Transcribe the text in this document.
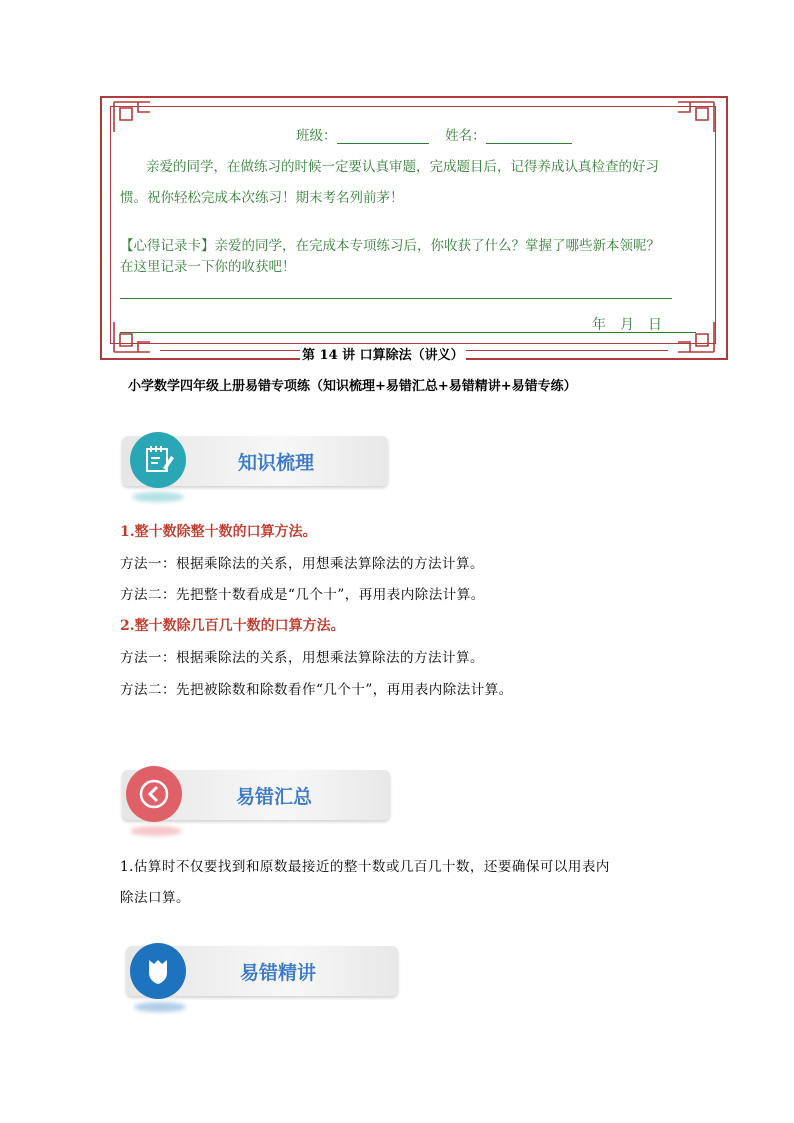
班级：	姓名：
亲爱的同学，在做练习的时候一定要认真审题，完成题目后，记得养成认真检查的好习
惯。祝你轻松完成本次练习！期末考名列前茅！
【心得记录卡】亲爱的同学，在完成本专项练习后，你收获了什么？掌握了哪些新本领呢？
在这里记录一下你的收获吧！
年　月　日
第 14 讲 口算除法（讲义）
小学数学四年级上册易错专项练（知识梳理+易错汇总+易错精讲+易错专练）
知识梳理
1.整十数除整十数的口算方法。
方法一：根据乘除法的关系，用想乘法算除法的方法计算。
方法二：先把整十数看成是“几个十”，再用表内除法计算。
2.整十数除几百几十数的口算方法。
方法一：根据乘除法的关系，用想乘法算除法的方法计算。
方法二：先把被除数和除数看作“几个十”，再用表内除法计算。
易错汇总
1.估算时不仅要找到和原数最接近的整十数或几百几十数，还要确保可以用表内
除法口算。
易错精讲
